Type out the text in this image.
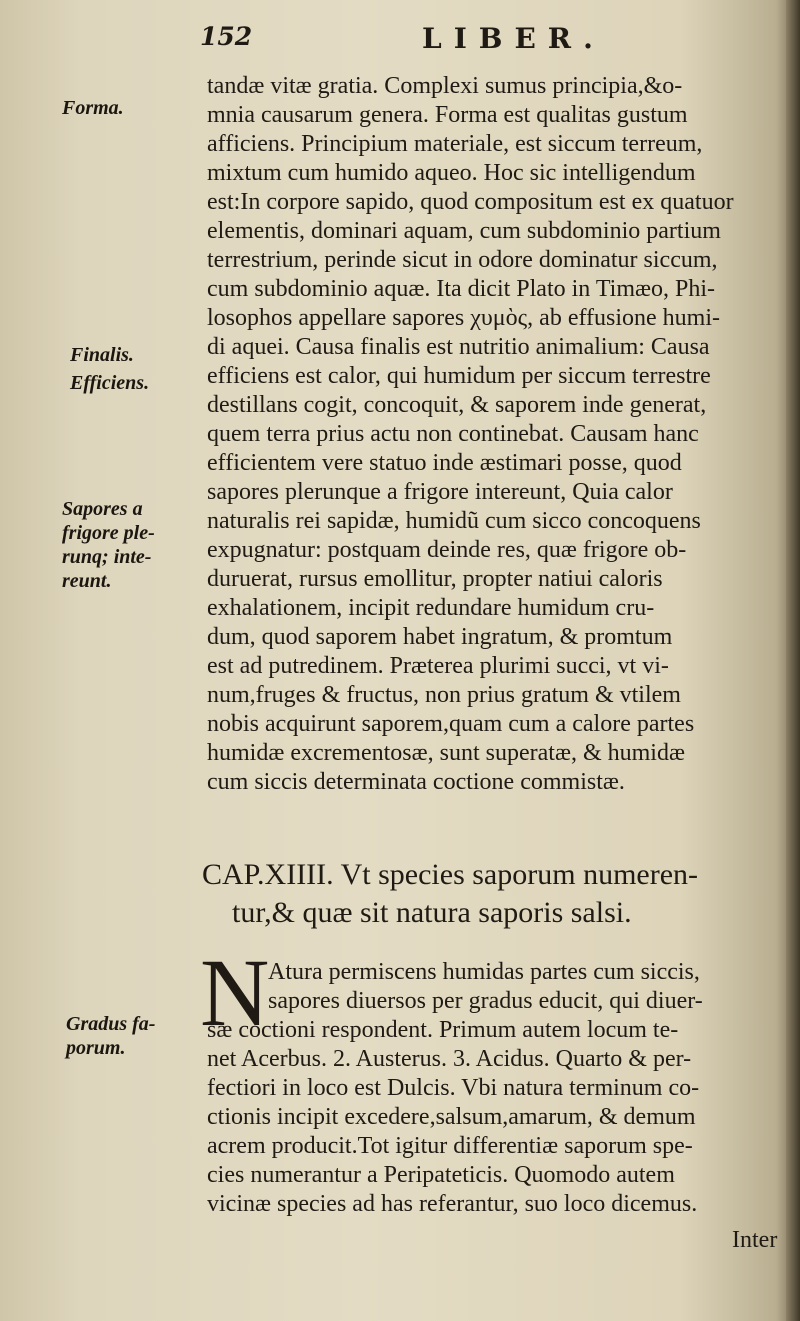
152	LIBER.
Forma.
Finalis.
Efficiens.
Sapores a
frigore ple-
runq; inte-
reunt.
Gradus fa-
porum.
tandæ vitæ gratia. Complexi sumus principia,&o-
mnia causarum genera. Forma est qualitas gustum
afficiens. Principium materiale, est siccum terreum,
mixtum cum humido aqueo. Hoc sic intelligendum
est:In corpore sapido, quod compositum est ex quatuor
elementis, dominari aquam, cum subdominio partium
terrestrium, perinde sicut in odore dominatur siccum,
cum subdominio aquæ. Ita dicit Plato in Timæo, Phi-
losophos appellare sapores χυμὸς, ab effusione humi-
di aquei. Causa finalis est nutritio animalium: Causa
efficiens est calor, qui humidum per siccum terrestre
destillans cogit, concoquit, & saporem inde generat,
quem terra prius actu non continebat. Causam hanc
efficientem vere statuo inde æstimari posse, quod
sapores plerunque a frigore intereunt, Quia calor
naturalis rei sapidæ, humidũ cum sicco concoquens
expugnatur: postquam deinde res, quæ frigore ob-
duruerat, rursus emollitur, propter natiui caloris
exhalationem, incipit redundare humidum cru-
dum, quod saporem habet ingratum, & promtum
est ad putredinem. Præterea plurimi succi, vt vi-
num,fruges & fructus, non prius gratum & vtilem
nobis acquirunt saporem,quam cum a calore partes
humidæ excrementosæ, sunt superatæ, & humidæ
cum siccis determinata coctione commistæ.
CAP.XIIII. Vt species saporum numeren-
tur,& quæ sit natura saporis salsi.
N
Atura permiscens humidas partes cum siccis,
sapores diuersos per gradus educit, qui diuer-
sæ coctioni respondent. Primum autem locum te-
net Acerbus. 2. Austerus. 3. Acidus. Quarto & per-
fectiori in loco est Dulcis. Vbi natura terminum co-
ctionis incipit excedere,salsum,amarum, & demum
acrem producit.Tot igitur differentiæ saporum spe-
cies numerantur a Peripateticis. Quomodo autem
vicinæ species ad has referantur, suo loco dicemus.
Inter
